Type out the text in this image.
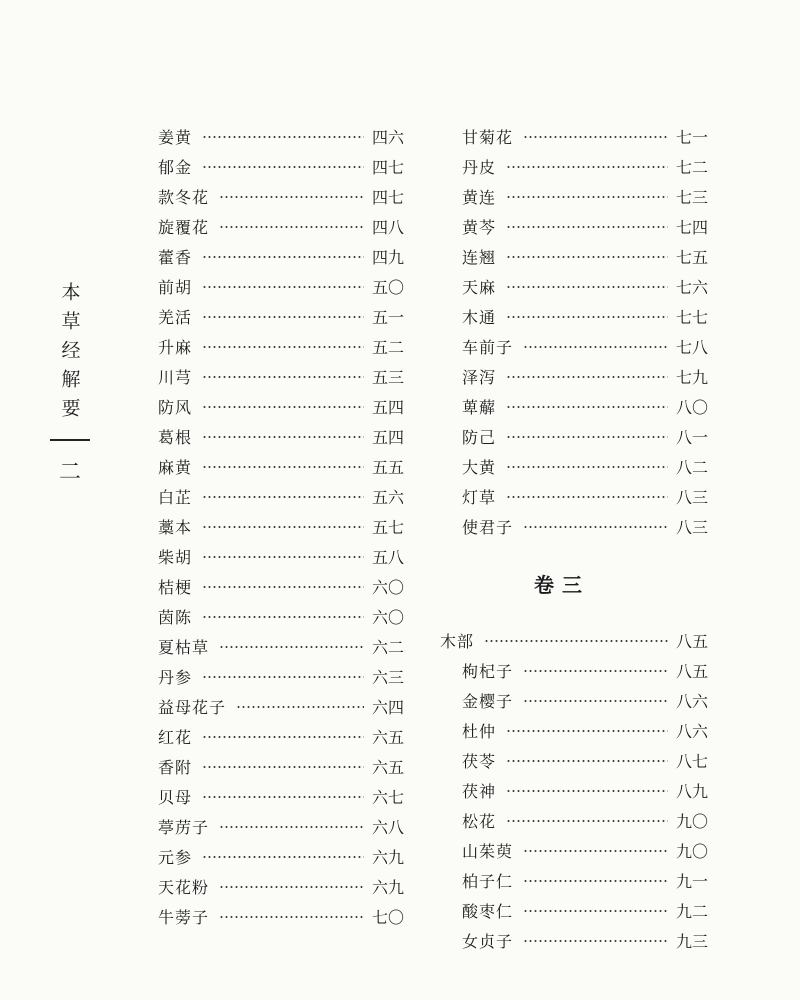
本草经解要
二
姜黄	四六
郁金	四七
款冬花	四七
旋覆花	四八
藿香	四九
前胡	五〇
羌活	五一
升麻	五二
川芎	五三
防风	五四
葛根	五四
麻黄	五五
白芷	五六
藁本	五七
柴胡	五八
桔梗	六〇
茵陈	六〇
夏枯草	六二
丹参	六三
益母花子	六四
红花	六五
香附	六五
贝母	六七
葶苈子	六八
元参	六九
天花粉	六九
牛蒡子	七〇
甘菊花	七一
丹皮	七二
黄连	七三
黄芩	七四
连翘	七五
天麻	七六
木通	七七
车前子	七八
泽泻	七九
萆薢	八〇
防己	八一
大黄	八二
灯草	八三
使君子	八三
卷三
木部	八五
枸杞子	八五
金樱子	八六
杜仲	八六
茯苓	八七
茯神	八九
松花	九〇
山茱萸	九〇
柏子仁	九一
酸枣仁	九二
女贞子	九三
